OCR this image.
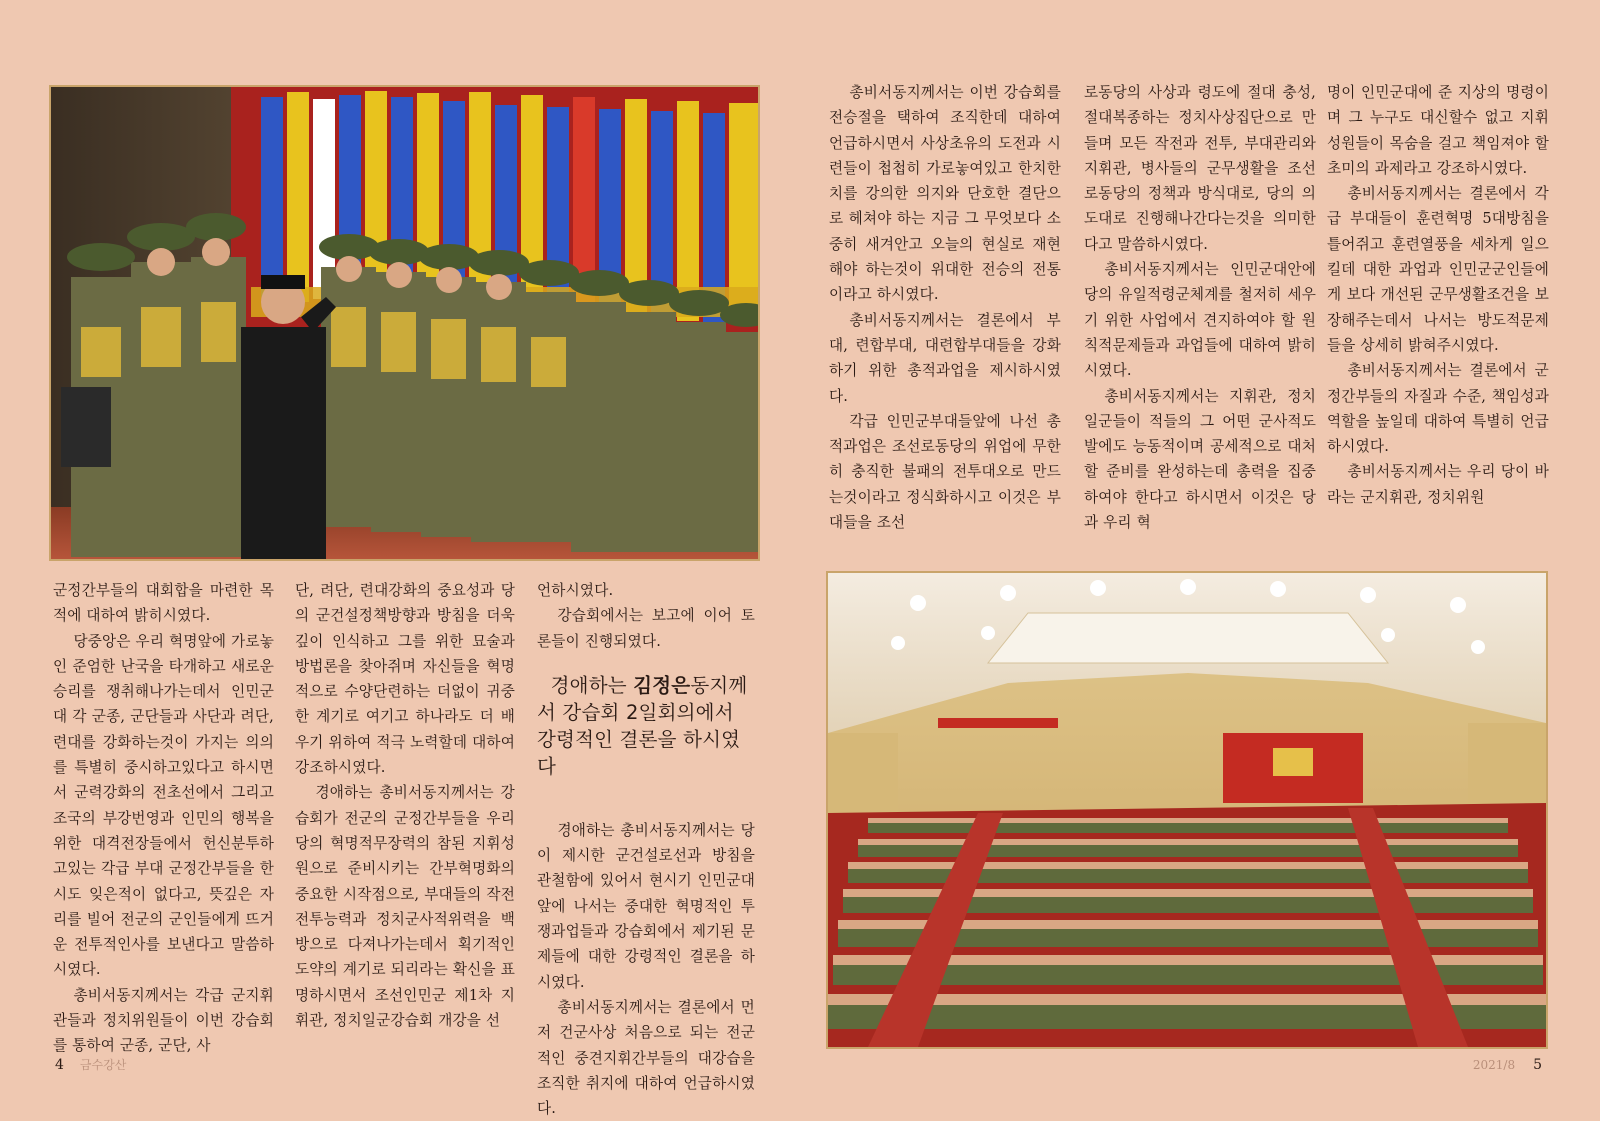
총비서동지께서는 이번 강습회를 전승절을 택하여 조직한데 대하여 언급하시면서 사상초유의 도전과 시련들이 첩첩히 가로놓여있고 한치한치를 강의한 의지와 단호한 결단으로 헤쳐야 하는 지금 그 무엇보다 소중히 새겨안고 오늘의 현실로 재현해야 하는것이 위대한 전승의 전통이라고 하시였다.

총비서동지께서는 결론에서 부대, 련합부대, 대련합부대들을 강화하기 위한 총적과업을 제시하시였다.

각급 인민군부대들앞에 나선 총적과업은 조선로동당의 위업에 무한히 충직한 불패의 전투대오로 만드는것이라고 정식화하시고 이것은 부대들을 조선

로동당의 사상과 령도에 절대 충성, 절대복종하는 정치사상집단으로 만들며 모든 작전과 전투, 부대관리와 지휘관, 병사들의 군무생활을 조선로동당의 정책과 방식대로, 당의 의도대로 진행해나간다는것을 의미한다고 말씀하시였다.

총비서동지께서는 인민군대안에 당의 유일적령군체계를 철저히 세우기 위한 사업에서 견지하여야 할 원칙적문제들과 과업들에 대하여 밝히시였다.

총비서동지께서는 지휘관, 정치일군들이 적들의 그 어떤 군사적도발에도 능동적이며 공세적으로 대처할 준비를 완성하는데 총력을 집중하여야 한다고 하시면서 이것은 당과 우리 혁

명이 인민군대에 준 지상의 명령이며 그 누구도 대신할수 없고 지휘성원들이 목숨을 걸고 책임져야 할 초미의 과제라고 강조하시였다.

총비서동지께서는 결론에서 각급 부대들이 훈련혁명 5대방침을 틀어쥐고 훈련열풍을 세차게 일으킬데 대한 과업과 인민군군인들에게 보다 개선된 군무생활조건을 보장해주는데서 나서는 방도적문제들을 상세히 밝혀주시였다.

총비서동지께서는 결론에서 군정간부들의 자질과 수준, 책임성과 역할을 높일데 대하여 특별히 언급하시였다.

총비서동지께서는 우리 당이 바라는 군지휘관, 정치위원

군정간부들의 대회합을 마련한 목적에 대하여 밝히시였다.

당중앙은 우리 혁명앞에 가로놓인 준엄한 난국을 타개하고 새로운 승리를 쟁취해나가는데서 인민군대 각 군종, 군단들과 사단과 려단, 련대를 강화하는것이 가지는 의의를 특별히 중시하고있다고 하시면서 군력강화의 전초선에서 그리고 조국의 부강번영과 인민의 행복을 위한 대격전장들에서 헌신분투하고있는 각급 부대 군정간부들을 한시도 잊은적이 없다고, 뜻깊은 자리를 빌어 전군의 군인들에게 뜨거운 전투적인사를 보낸다고 말씀하시였다.

총비서동지께서는 각급 군지휘관들과 정치위원들이 이번 강습회를 통하여 군종, 군단, 사

단, 려단, 련대강화의 중요성과 당의 군건설정책방향과 방침을 더욱 깊이 인식하고 그를 위한 묘술과 방법론을 찾아쥐며 자신들을 혁명적으로 수양단련하는 더없이 귀중한 계기로 여기고 하나라도 더 배우기 위하여 적극 노력할데 대하여 강조하시였다.

경애하는 총비서동지께서는 강습회가 전군의 군정간부들을 우리 당의 혁명적무장력의 참된 지휘성원으로 준비시키는 간부혁명화의 중요한 시작점으로, 부대들의 작전전투능력과 정치군사적위력을 백방으로 다져나가는데서 획기적인 도약의 계기로 되리라는 확신을 표명하시면서 조선인민군 제1차 지휘관, 정치일군강습회 개강을 선

언하시였다.

강습회에서는 보고에 이어 토론들이 진행되였다.

경애하는 김정은동지께서 강습회 2일회의에서 강령적인 결론을 하시였다

경애하는 총비서동지께서는 당이 제시한 군건설로선과 방침을 관철함에 있어서 현시기 인민군대앞에 나서는 중대한 혁명적인 투쟁과업들과 강습회에서 제기된 문제들에 대한 강령적인 결론을 하시였다.

총비서동지께서는 결론에서 먼저 건군사상 처음으로 되는 전군적인 중견지휘간부들의 대강습을 조직한 취지에 대하여 언급하시였다.

4 금수강산	2021/8 5
